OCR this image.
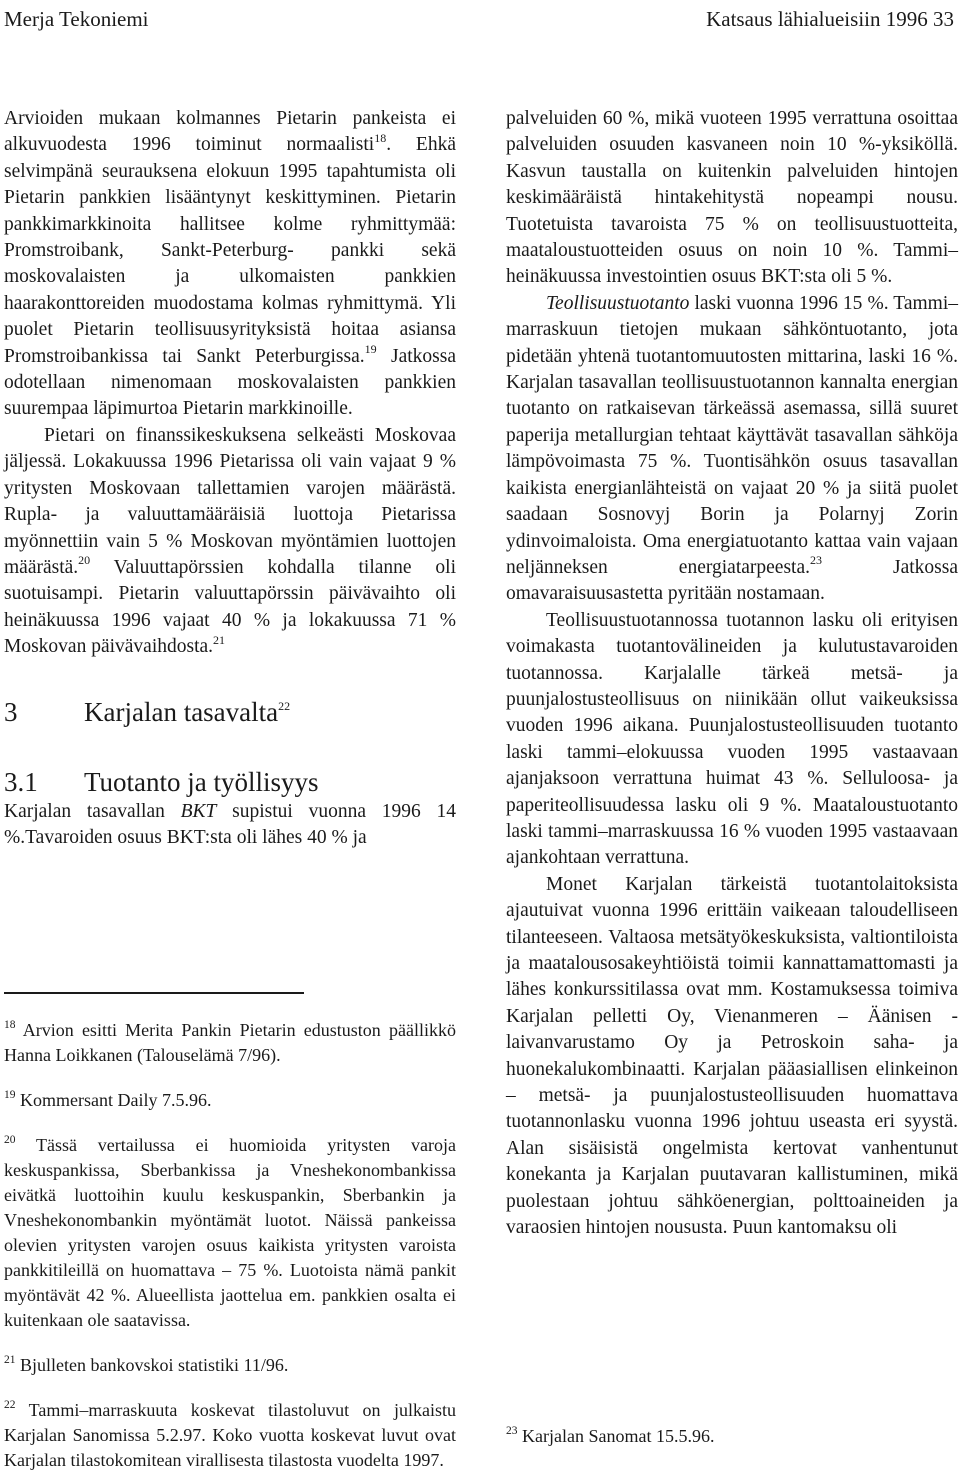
Merja Tekoniemi	Katsaus lähialueisiin 1996 33

Arvioiden mukaan kolmannes Pietarin pankeista ei alkuvuodesta 1996 toiminut normaalisti$^{18}$. Ehkä selvimpänä seurauksena elokuun 1995 tapahtumista oli Pietarin pankkien lisääntynyt keskittyminen. Pietarin pankkimarkkinoita hallitsee kolme ryhmittymää: Promstroibank, Sankt-Peterburg- pankki sekä moskovalaisten ja ulkomaisten pankkien haarakonttoreiden muodostama kolmas ryhmittymä. Yli puolet Pietarin teollisuusyrityksistä hoitaa asiansa Promstroibankissa tai Sankt Peterburgissa.$^{19}$ Jatkossa odotellaan nimenomaan moskovalaisten pankkien suurempaa läpimurtoa Pietarin markkinoille.

Pietari on finanssikeskuksena selkeästi Moskovaa jäljessä. Lokakuussa 1996 Pietarissa oli vain vajaat 9 % yritysten Moskovaan tallettamien varojen määrästä. Rupla- ja valuuttamääräisiä luottoja Pietarissa myönnettiin vain 5 % Moskovan myöntämien luottojen määrästä.$^{20}$ Valuuttapörssien kohdalla tilanne oli suotuisampi. Pietarin valuuttapörssin päivävaihto oli heinäkuussa 1996 vajaat 40 % ja lokakuussa 71 % Moskovan päivävaihdosta.$^{21}$

3	Karjalan tasavalta$^{22}$
3.1	Tuotanto ja työllisyys

Karjalan tasavallan BKT supistui vuonna 1996 14 %.Tavaroiden osuus BKT:sta oli lähes 40 % ja

$^{18}$ Arvion esitti Merita Pankin Pietarin edustuston päällikkö Hanna Loikkanen (Talouselämä 7/96).
$^{19}$ Kommersant Daily 7.5.96.
$^{20}$ Tässä vertailussa ei huomioida yritysten varoja keskuspankissa, Sberbankissa ja Vneshekonombankissa eivätkä luottoihin kuulu keskuspankin, Sberbankin ja Vneshekonombankin myöntämät luotot. Näissä pankeissa olevien yritysten varojen osuus kaikista yritysten varoista pankkitileillä on huomattava – 75 %. Luotoista nämä pankit myöntävät 42 %. Alueellista jaottelua em. pankkien osalta ei kuitenkaan ole saatavissa.
$^{21}$ Bjulleten bankovskoi statistiki 11/96.
$^{22}$ Tammi–marraskuuta koskevat tilastoluvut on julkaistu Karjalan Sanomissa 5.2.97. Koko vuotta koskevat luvut ovat Karjalan tilastokomitean virallisesta tilastosta vuodelta 1997.

palveluiden 60 %, mikä vuoteen 1995 verrattuna osoittaa palveluiden osuuden kasvaneen noin 10 %-yksiköllä. Kasvun taustalla on kuitenkin palveluiden hintojen keskimääräistä hintakehitystä nopeampi nousu. Tuotetuista tavaroista 75 % on teollisuustuotteita, maataloustuotteiden osuus on noin 10 %. Tammi–heinäkuussa investointien osuus BKT:sta oli 5 %.

Teollisuustuotanto laski vuonna 1996 15 %. Tammi–marraskuun tietojen mukaan sähköntuotanto, jota pidetään yhtenä tuotantomuutosten mittarina, laski 16 %. Karjalan tasavallan teollisuustuotannon kannalta energian tuotanto on ratkaisevan tärkeässä asemassa, sillä suuret paperija metallurgian tehtaat käyttävät tasavallan sähköja lämpövoimasta 75 %. Tuontisähkön osuus tasavallan kaikista energianlähteistä on vajaat 20 % ja siitä puolet saadaan Sosnovyj Borin ja Polarnyj Zorin ydinvoimaloista. Oma energiatuotanto kattaa vain vajaan neljänneksen energiatarpeesta.$^{23}$ Jatkossa omavaraisuusastetta pyritään nostamaan.

Teollisuustuotannossa tuotannon lasku oli erityisen voimakasta tuotantovälineiden ja kulutustavaroiden tuotannossa. Karjalalle tärkeä metsä- ja puunjalostusteollisuus on niinikään ollut vaikeuksissa vuoden 1996 aikana. Puunjalostusteollisuuden tuotanto laski tammi–elokuussa vuoden 1995 vastaavaan ajanjaksoon verrattuna huimat 43 %. Selluloosa- ja paperiteollisuudessa lasku oli 9 %. Maataloustuotanto laski tammi–marraskuussa 16 % vuoden 1995 vastaavaan ajankohtaan verrattuna.

Monet Karjalan tärkeistä tuotantolaitoksista ajautuivat vuonna 1996 erittäin vaikeaan taloudelliseen tilanteeseen. Valtaosa metsätyökeskuksista, valtiontiloista ja maatalousosakeyhtiöistä toimii kannattamattomasti ja lähes konkurssitilassa ovat mm. Kostamuksessa toimiva Karjalan pelletti Oy, Vienanmeren – Äänisen -laivanvarustamo Oy ja Petroskoin saha- ja huonekalukombinaatti. Karjalan pääasiallisen elinkeinon – metsä- ja puunjalostusteollisuuden huomattava tuotannonlasku vuonna 1996 johtuu useasta eri syystä. Alan sisäisistä ongelmista kertovat vanhentunut konekanta ja Karjalan puutavaran kallistuminen, mikä puolestaan johtuu sähköenergian, polttoaineiden ja varaosien hintojen noususta. Puun kantomaksu oli

$^{23}$ Karjalan Sanomat 15.5.96.
